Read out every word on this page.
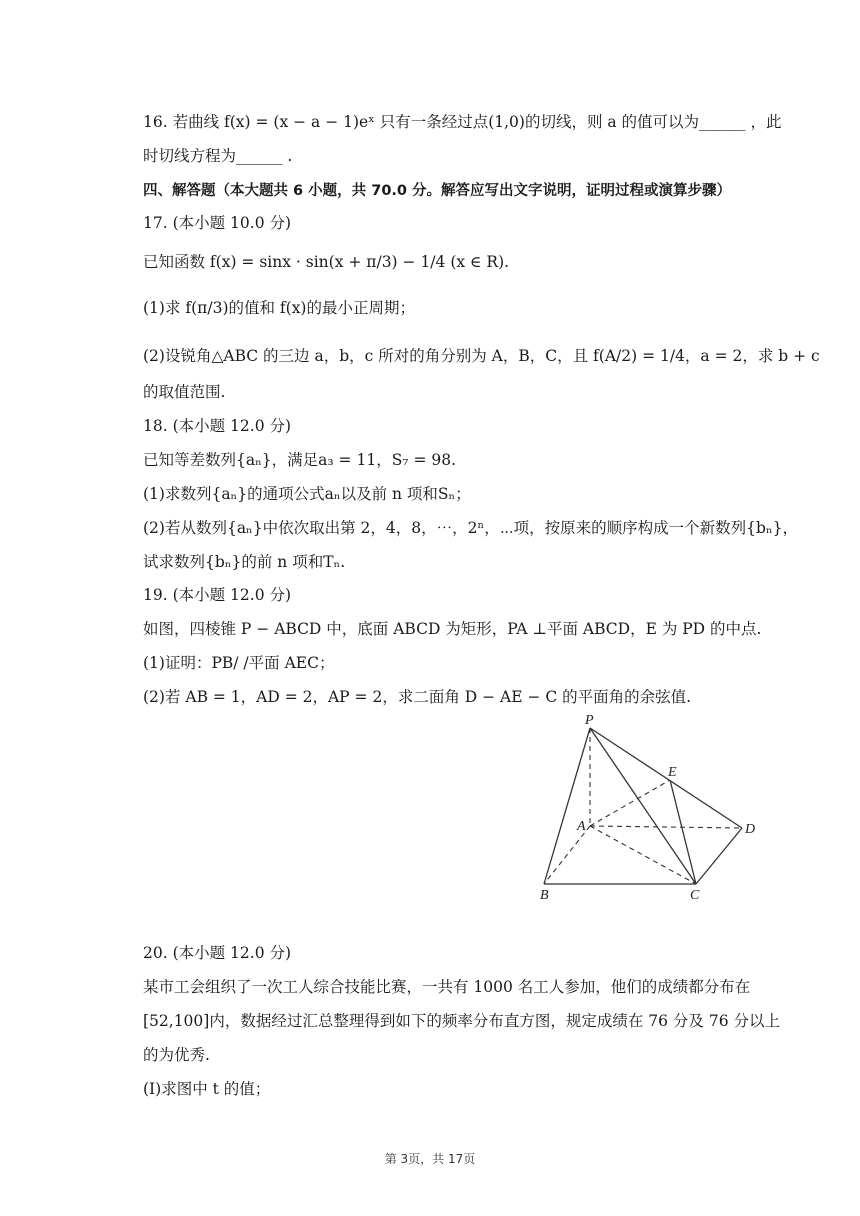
16. 若曲线 f(x) = (x − a − 1)eˣ 只有一条经过点(1,0)的切线，则 a 的值可以为______ ，此
时切线方程为______ .
四、解答题（本大题共 6 小题，共 70.0 分。解答应写出文字说明，证明过程或演算步骤）
17. (本小题 10.0 分)
已知函数 f(x) = sinx · sin(x + π/3) − 1/4 (x ∈ R).
(1)求 f(π/3)的值和 f(x)的最小正周期；
(2)设锐角△ABC 的三边 a，b，c 所对的角分别为 A，B，C，且 f(A/2) = 1/4，a = 2，求 b + c
的取值范围.
18. (本小题 12.0 分)
已知等差数列{aₙ}，满足a₃ = 11，S₇ = 98.
(1)求数列{aₙ}的通项公式aₙ以及前 n 项和Sₙ；
(2)若从数列{aₙ}中依次取出第 2，4，8，⋯，2ⁿ，⋯项，按原来的顺序构成一个新数列{bₙ}，
试求数列{bₙ}的前 n 项和Tₙ.
19. (本小题 12.0 分)
如图，四棱锥 P − ABCD 中，底面 ABCD 为矩形，PA ⊥平面 ABCD，E 为 PD 的中点.
(1)证明：PB/ /平面 AEC；
(2)若 AB = 1，AD = 2，AP = 2，求二面角 D − AE − C 的平面角的余弦值.
P
E
A	D
B	C
20. (本小题 12.0 分)
某市工会组织了一次工人综合技能比赛，一共有 1000 名工人参加，他们的成绩都分布在
[52,100]内，数据经过汇总整理得到如下的频率分布直方图，规定成绩在 76 分及 76 分以上
的为优秀.
(Ⅰ)求图中 t 的值；
第 3页，共 17页
